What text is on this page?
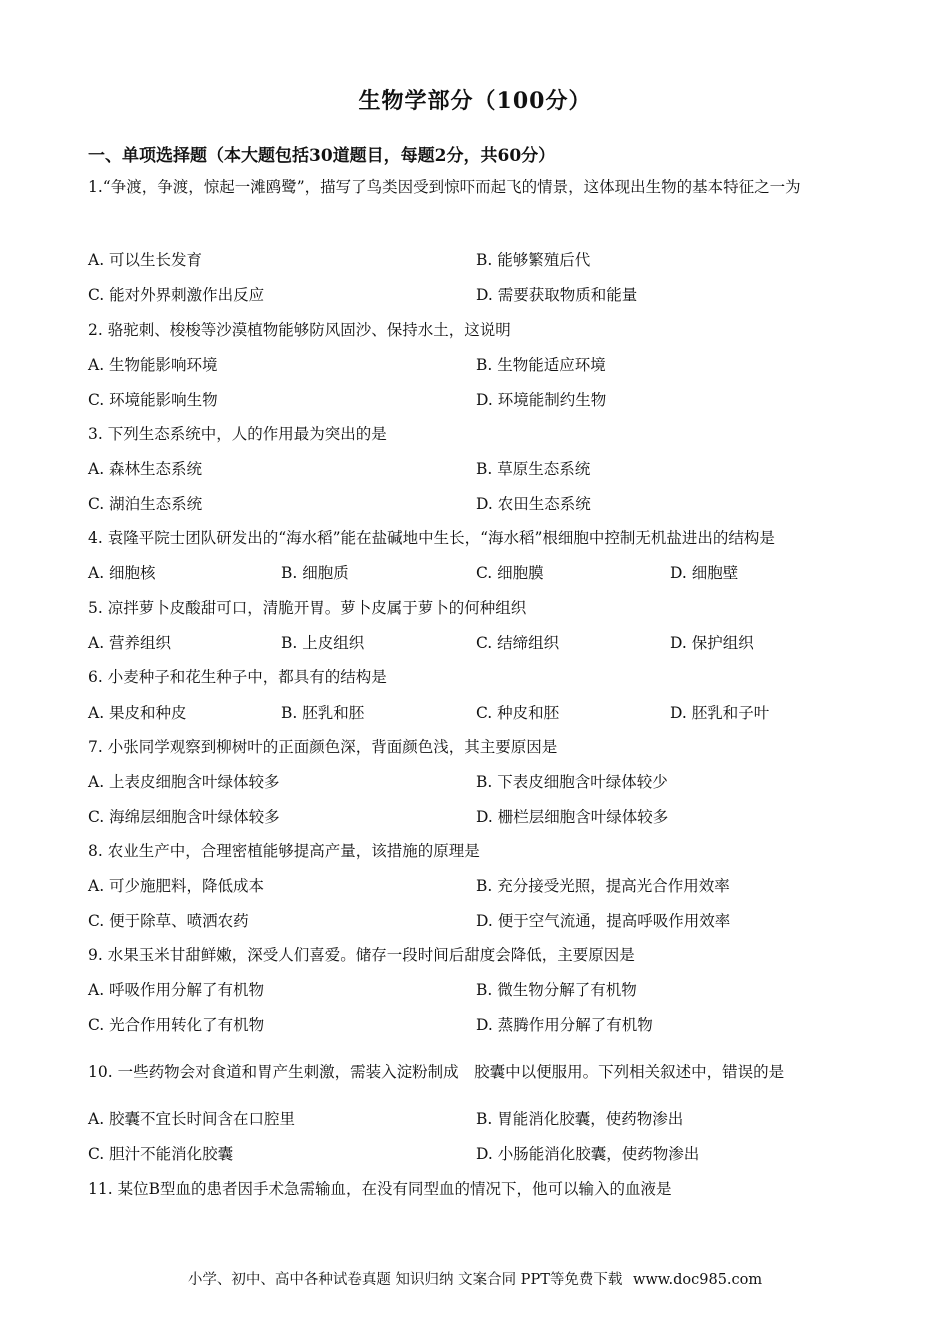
生物学部分（100分）
一、单项选择题（本大题包括30道题目，每题2分，共60分）
1.“争渡，争渡，惊起一滩鸥鹭”，描写了鸟类因受到惊吓而起飞的情景，这体现出生物的基本特征之一为
A. 可以生长发育	B. 能够繁殖后代
C. 能对外界刺激作出反应	D. 需要获取物质和能量
2. 骆驼刺、梭梭等沙漠植物能够防风固沙、保持水土，这说明
A. 生物能影响环境	B. 生物能适应环境
C. 环境能影响生物	D. 环境能制约生物
3. 下列生态系统中，人的作用最为突出的是
A. 森林生态系统	B. 草原生态系统
C. 湖泊生态系统	D. 农田生态系统
4. 袁隆平院士团队研发出的“海水稻”能在盐碱地中生长，“海水稻”根细胞中控制无机盐进出的结构是
A. 细胞核	B. 细胞质	C. 细胞膜	D. 细胞壁
5. 凉拌萝卜皮酸甜可口，清脆开胃。萝卜皮属于萝卜的何种组织
A. 营养组织	B. 上皮组织	C. 结缔组织	D. 保护组织
6. 小麦种子和花生种子中，都具有的结构是
A. 果皮和种皮	B. 胚乳和胚	C. 种皮和胚	D. 胚乳和子叶
7. 小张同学观察到柳树叶的正面颜色深，背面颜色浅，其主要原因是
A. 上表皮细胞含叶绿体较多	B. 下表皮细胞含叶绿体较少
C. 海绵层细胞含叶绿体较多	D. 栅栏层细胞含叶绿体较多
8. 农业生产中，合理密植能够提高产量，该措施的原理是
A. 可少施肥料，降低成本	B. 充分接受光照，提高光合作用效率
C. 便于除草、喷洒农药	D. 便于空气流通，提高呼吸作用效率
9. 水果玉米甘甜鲜嫩，深受人们喜爱。储存一段时间后甜度会降低，主要原因是
A. 呼吸作用分解了有机物	B. 微生物分解了有机物
C. 光合作用转化了有机物	D. 蒸腾作用分解了有机物
10. 一些药物会对食道和胃产生刺激，需装入淀粉制成　胶囊中以便服用。下列相关叙述中，错误的是
A. 胶囊不宜长时间含在口腔里	B. 胃能消化胶囊，使药物渗出
C. 胆汁不能消化胶囊	D. 小肠能消化胶囊，使药物渗出
11. 某位B型血的患者因手术急需输血，在没有同型血的情况下，他可以输入的血液是
小学、初中、高中各种试卷真题 知识归纳 文案合同 PPT等免费下载 www.doc985.com
